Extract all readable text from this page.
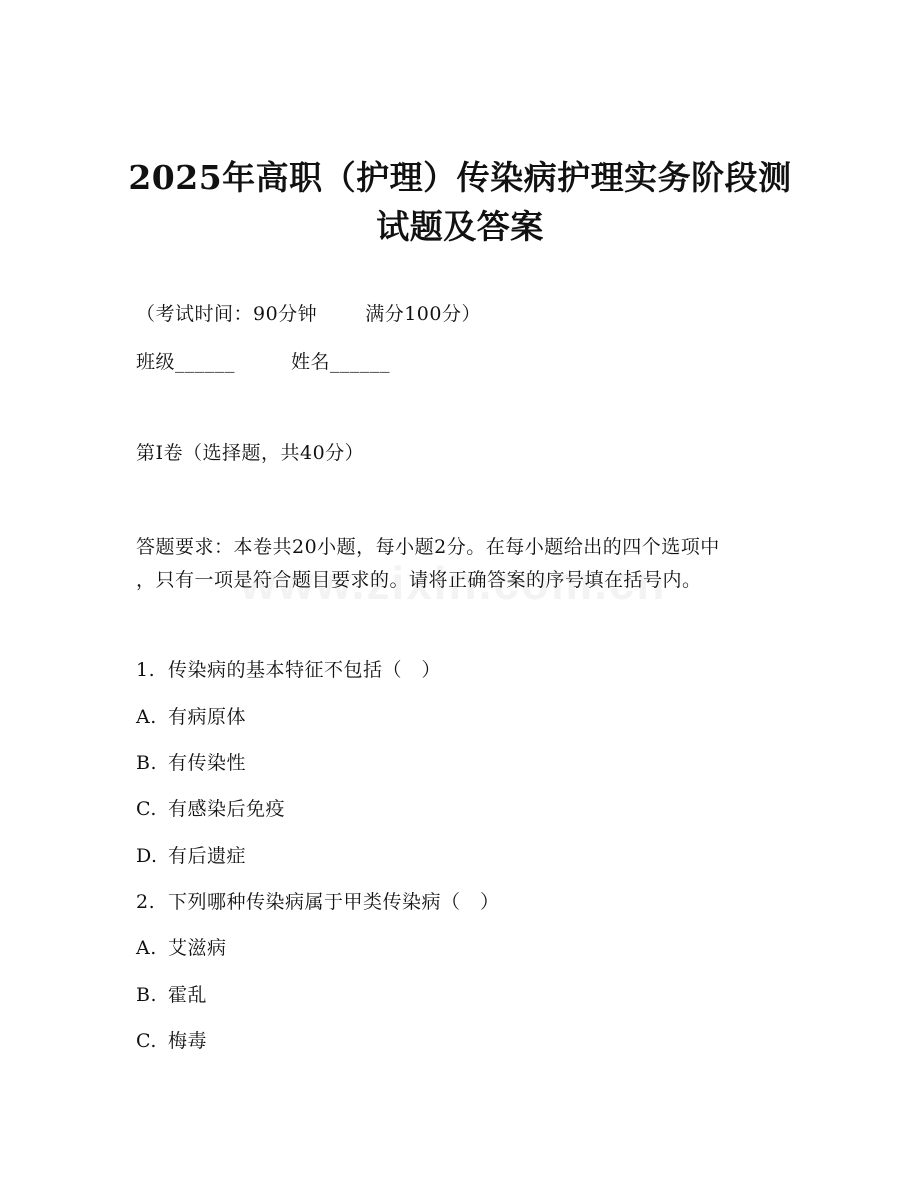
2025年高职（护理）传染病护理实务阶段测
试题及答案
（考试时间：90分钟	满分100分）
班级______	姓名______
第I卷（选择题，共40分）
答题要求：本卷共20小题，每小题2分。在每小题给出的四个选项中
，只有一项是符合题目要求的。请将正确答案的序号填在括号内。
1. 传染病的基本特征不包括（　）
A. 有病原体
B. 有传染性
C. 有感染后免疫
D. 有后遗症
2. 下列哪种传染病属于甲类传染病（　）
A. 艾滋病
B. 霍乱
C. 梅毒
